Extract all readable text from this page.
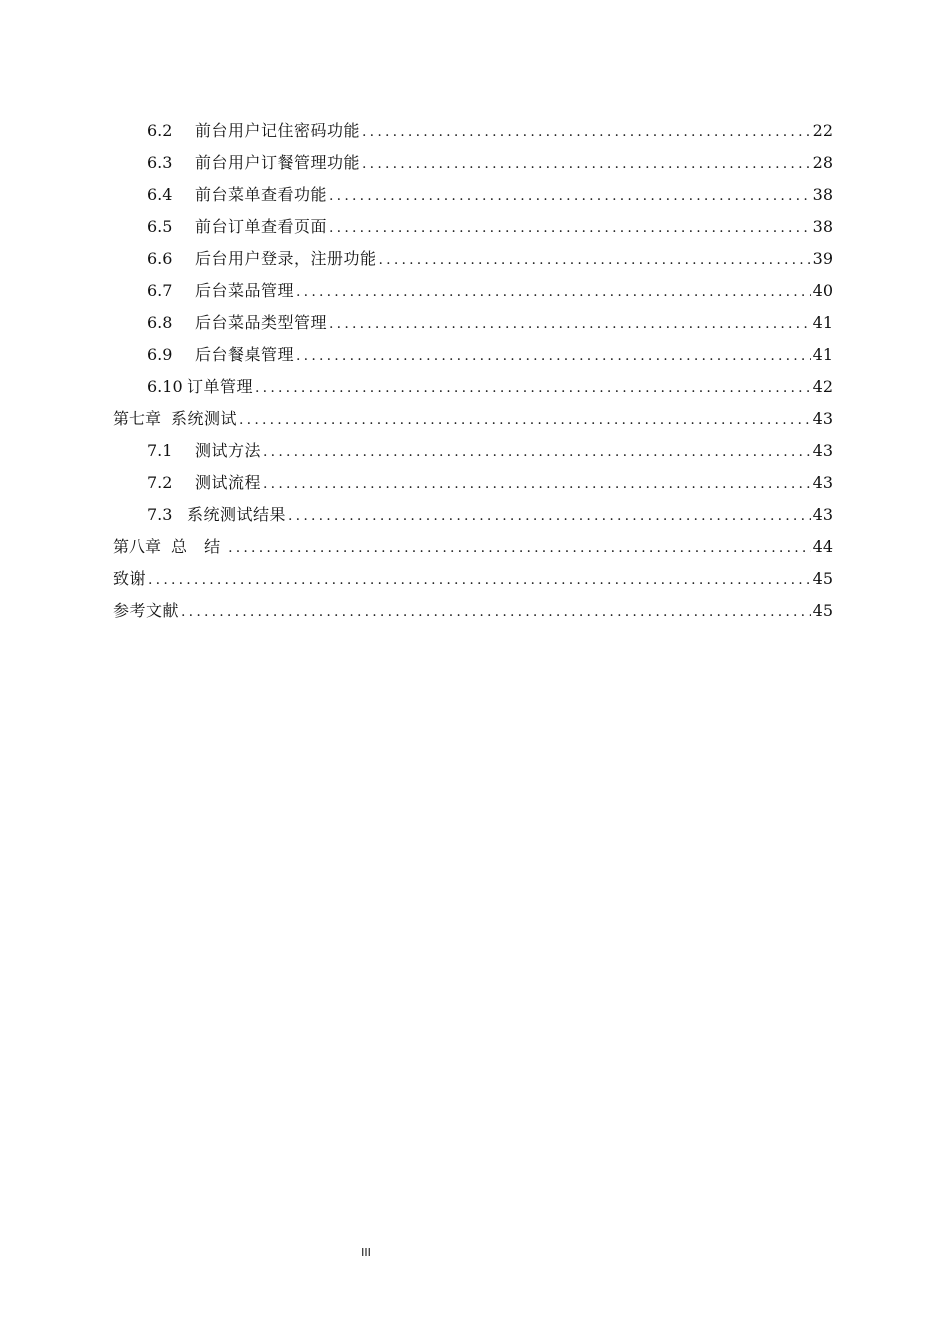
6.2	前台用户记住密码功能 .....	22
6.3	前台用户订餐管理功能 .....	28
6.4	前台菜单查看功能 .....	38
6.5	前台订单查看页面 .....	38
6.6	后台用户登录，注册功能 .....	39
6.7	后台菜品管理 .....	40
6.8	后台菜品类型管理 .....	41
6.9	后台餐桌管理 .....	41
6.10 订单管理 .....	42
第七章 系统测试 .....	43
7.1	测试方法 .....	43
7.2	测试流程 .....	43
7.3 系统测试结果 .....	43
第八章 总 结 .....	44
致谢 .....	45
参考文献 .....	45
III
